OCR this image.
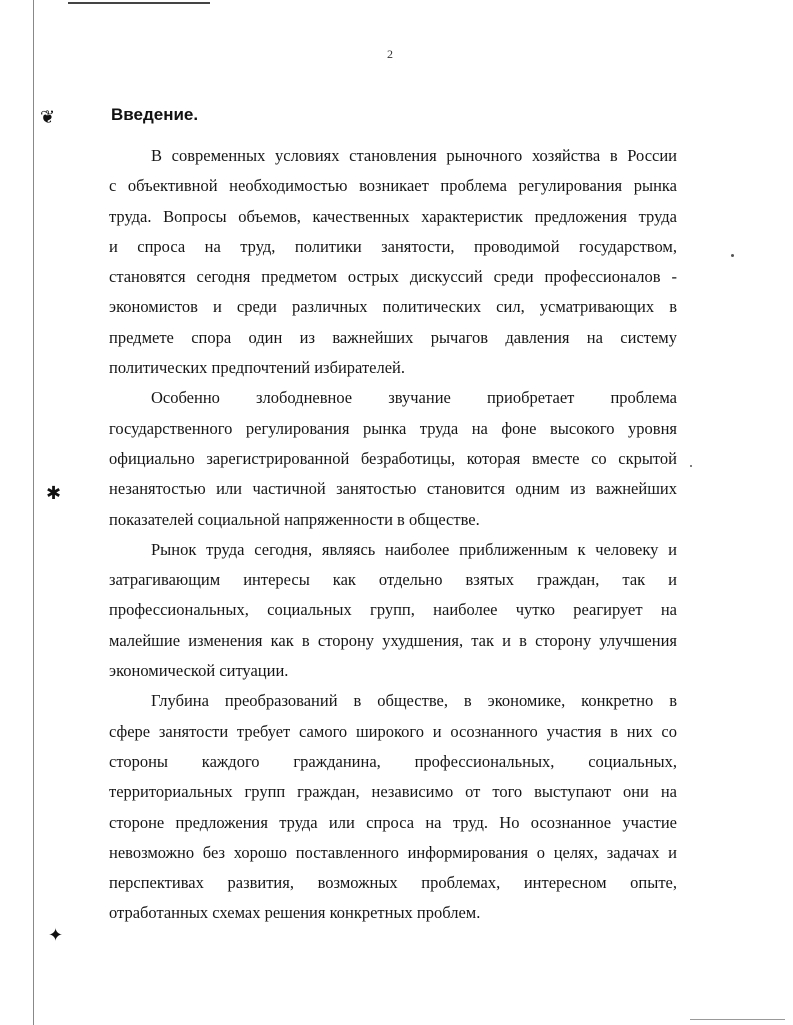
❦
✱
✦
2
Введение.
В современных условиях становления рыночного хозяйства в России
с объективной необходимостью возникает проблема регулирования рынка
труда. Вопросы объемов, качественных характеристик предложения труда
и спроса на труд, политики занятости, проводимой государством,
становятся сегодня предметом острых дискуссий среди профессионалов -
экономистов и среди различных политических сил, усматривающих в
предмете спора один из важнейших рычагов давления на систему
политических предпочтений избирателей.
Особенно злободневное звучание приобретает проблема
государственного регулирования рынка труда на фоне высокого уровня
официально зарегистрированной безработицы, которая вместе со скрытой
незанятостью или частичной занятостью становится одним из важнейших
показателей социальной напряженности в обществе.
Рынок труда сегодня, являясь наиболее приближенным к человеку и
затрагивающим интересы как отдельно взятых граждан, так и
профессиональных, социальных групп, наиболее чутко реагирует на
малейшие изменения как в сторону ухудшения, так и в сторону улучшения
экономической ситуации.
Глубина преобразований в обществе, в экономике, конкретно в
сфере занятости требует самого широкого и осознанного участия в них со
стороны каждого гражданина, профессиональных, социальных,
территориальных групп граждан, независимо от того выступают они на
стороне предложения труда или спроса на труд. Но осознанное участие
невозможно без хорошо поставленного информирования о целях, задачах и
перспективах развития, возможных проблемах, интересном опыте,
отработанных схемах решения конкретных проблем.
